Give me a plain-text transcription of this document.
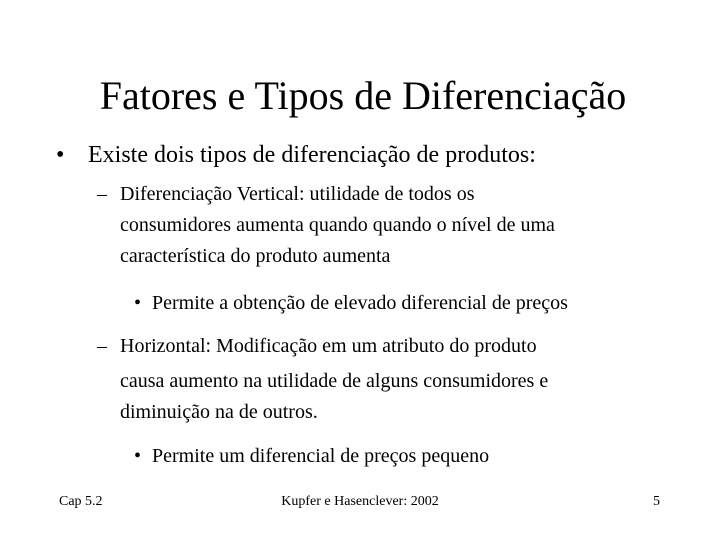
Fatores e Tipos de Diferenciação
• Existe dois tipos de diferenciação de produtos:
– Diferenciação Vertical: utilidade de todos os
consumidores aumenta quando quando o nível de uma
característica do produto aumenta
• Permite a obtenção de elevado diferencial de preços
– Horizontal: Modificação em um atributo do produto
causa aumento na utilidade de alguns consumidores e
diminuição na de outros.
• Permite um diferencial de preços pequeno
Cap 5.2	Kupfer e Hasenclever: 2002	5
